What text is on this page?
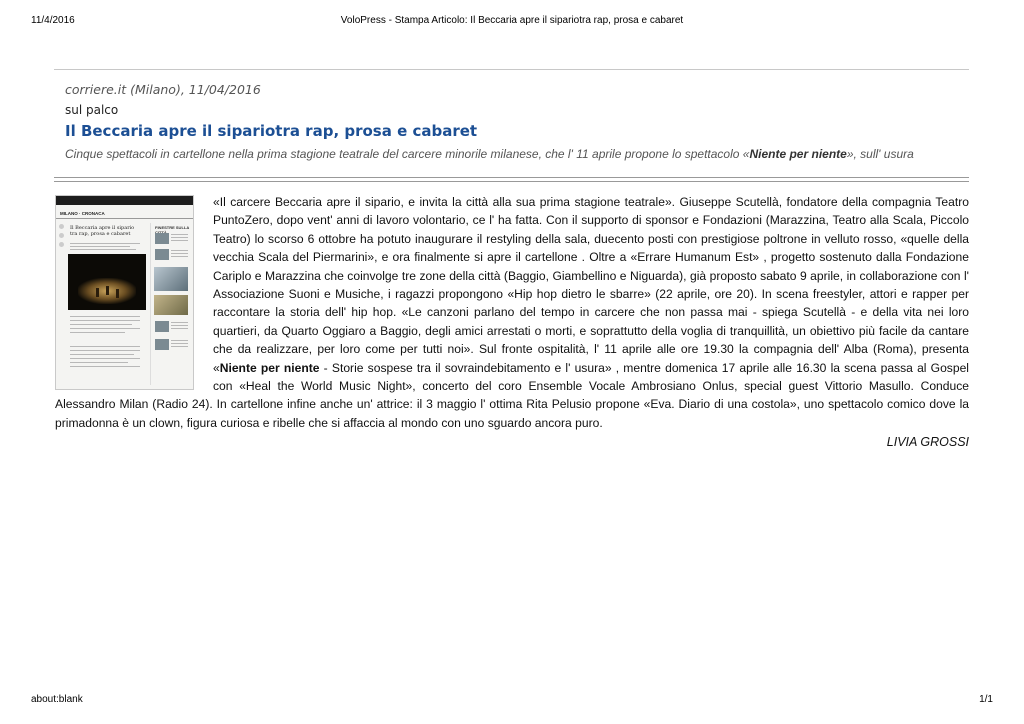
11/4/2016	VoloPress - Stampa Articolo: Il Beccaria apre il sipariotra rap, prosa e cabaret
corriere.it (Milano), 11/04/2016
sul palco
Il Beccaria apre il sipariotra rap, prosa e cabaret
Cinque spettacoli in cartellone nella prima stagione teatrale del carcere minorile milanese, che l' 11 aprile propone lo spettacolo «Niente per niente», sull' usura
«Il carcere Beccaria apre il sipario, e invita la città alla sua prima stagione teatrale». Giuseppe Scutellà, fondatore della compagnia Teatro PuntoZero, dopo vent' anni di lavoro volontario, ce l' ha fatta. Con il supporto di sponsor e Fondazioni (Marazzina, Teatro alla Scala, Piccolo Teatro) lo scorso 6 ottobre ha potuto inaugurare il restyling della sala, duecento posti con prestigiose poltrone in velluto rosso, «quelle della vecchia Scala del Piermarini», e ora finalmente si apre il cartellone . Oltre a «Errare Humanum Est» , progetto sostenuto dalla Fondazione Cariplo e Marazzina che coinvolge tre zone della città (Baggio, Giambellino e Niguarda), già proposto sabato 9 aprile, in collaborazione con l' Associazione Suoni e Musiche, i ragazzi propongono «Hip hop dietro le sbarre» (22 aprile, ore 20). In scena freestyler, attori e rapper per raccontare la storia dell' hip hop. «Le canzoni parlano del tempo in carcere che non passa mai - spiega Scutellà - e della vita nei loro quartieri, da Quarto Oggiaro a Baggio, degli amici arrestati o morti, e soprattutto della voglia di tranquillità, un obiettivo più facile da cantare che da realizzare, per loro come per tutti noi». Sul fronte ospitalità, l' 11 aprile alle ore 19.30 la compagnia dell' Alba (Roma), presenta «Niente per niente - Storie sospese tra il sovraindebitamento e l' usura» , mentre domenica 17 aprile alle 16.30 la scena passa al Gospel con «Heal the World Music Night», concerto del coro Ensemble Vocale Ambrosiano Onlus, special guest Vittorio Masullo. Conduce Alessandro Milan (Radio 24). In cartellone infine anche un' attrice: il 3 maggio l' ottima Rita Pelusio propone «Eva. Diario di una costola», uno spettacolo comico dove la primadonna è un clown, figura curiosa e ribelle che si affaccia al mondo con uno sguardo ancora puro.
MILANO · CRONACA
Il Beccaria apre il sipario tra rap, prosa e cabaret
FINESTRE SULLA
LIVIA GROSSI
about:blank	1/1
